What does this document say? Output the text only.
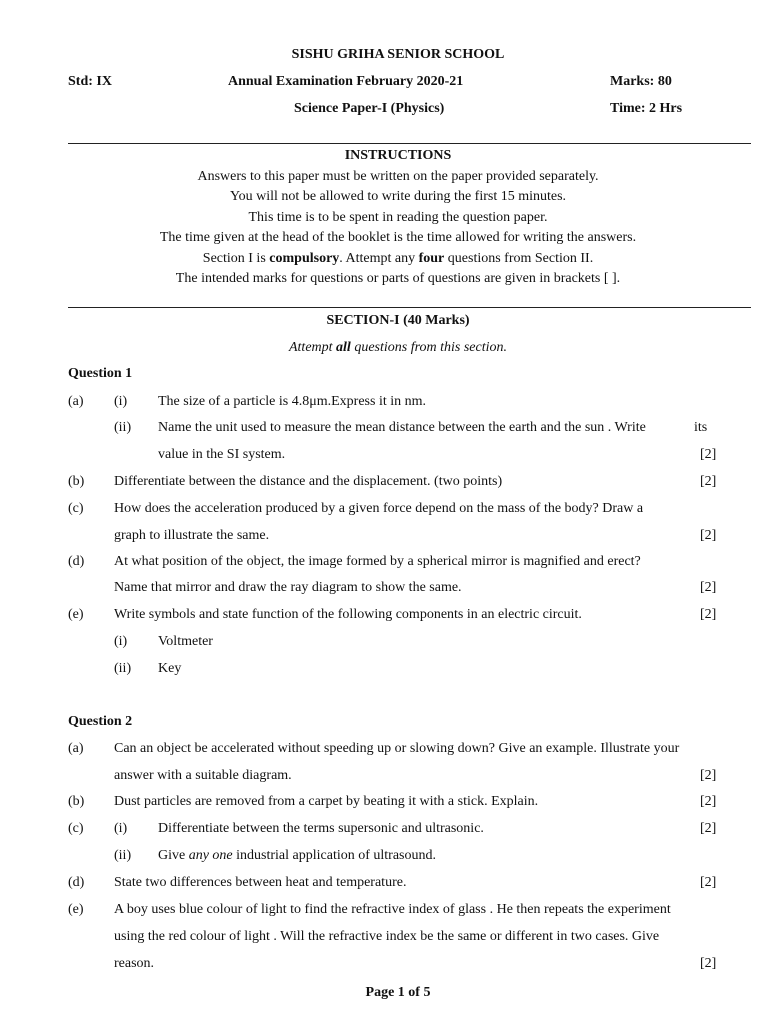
SISHU GRIHA SENIOR SCHOOL
Std: IX	Annual Examination February 2020-21	Marks: 80
Science Paper-I (Physics)	Time: 2 Hrs
INSTRUCTIONS
Answers to this paper must be written on the paper provided separately.
You will not be allowed to write during the first 15 minutes.
This time is to be spent in reading the question paper.
The time given at the head of the booklet is the time allowed for writing the answers.
Section I is compulsory. Attempt any four questions from Section II.
The intended marks for questions or parts of questions are given in brackets [ ].
SECTION-I (40 Marks)
Attempt all questions from this section.
Question 1
(a) (i) The size of a particle is 4.8μm.Express it in nm.
(ii) Name the unit used to measure the mean distance between the earth and the sun . Write	its
value in the SI system.	[2]
(b) Differentiate between the distance and the displacement. (two points)	[2]
(c) How does the acceleration produced by a given force depend on the mass of the body? Draw a
graph to illustrate the same.	[2]
(d) At what position of the object, the image formed by a spherical mirror is magnified and erect?
Name that mirror and draw the ray diagram to show the same.	[2]
(e) Write symbols and state function of the following components in an electric circuit.	[2]
(i) Voltmeter
(ii) Key
Question 2
(a) Can an object be accelerated without speeding up or slowing down? Give an example. Illustrate your
answer with a suitable diagram.	[2]
(b) Dust particles are removed from a carpet by beating it with a stick. Explain.	[2]
(c) (i) Differentiate between the terms supersonic and ultrasonic.	[2]
(ii) Give any one industrial application of ultrasound.
(d) State two differences between heat and temperature.	[2]
(e) A boy uses blue colour of light to find the refractive index of glass . He then repeats the experiment
using the red colour of light . Will the refractive index be the same or different in two cases. Give
reason.	[2]
Page 1 of 5
